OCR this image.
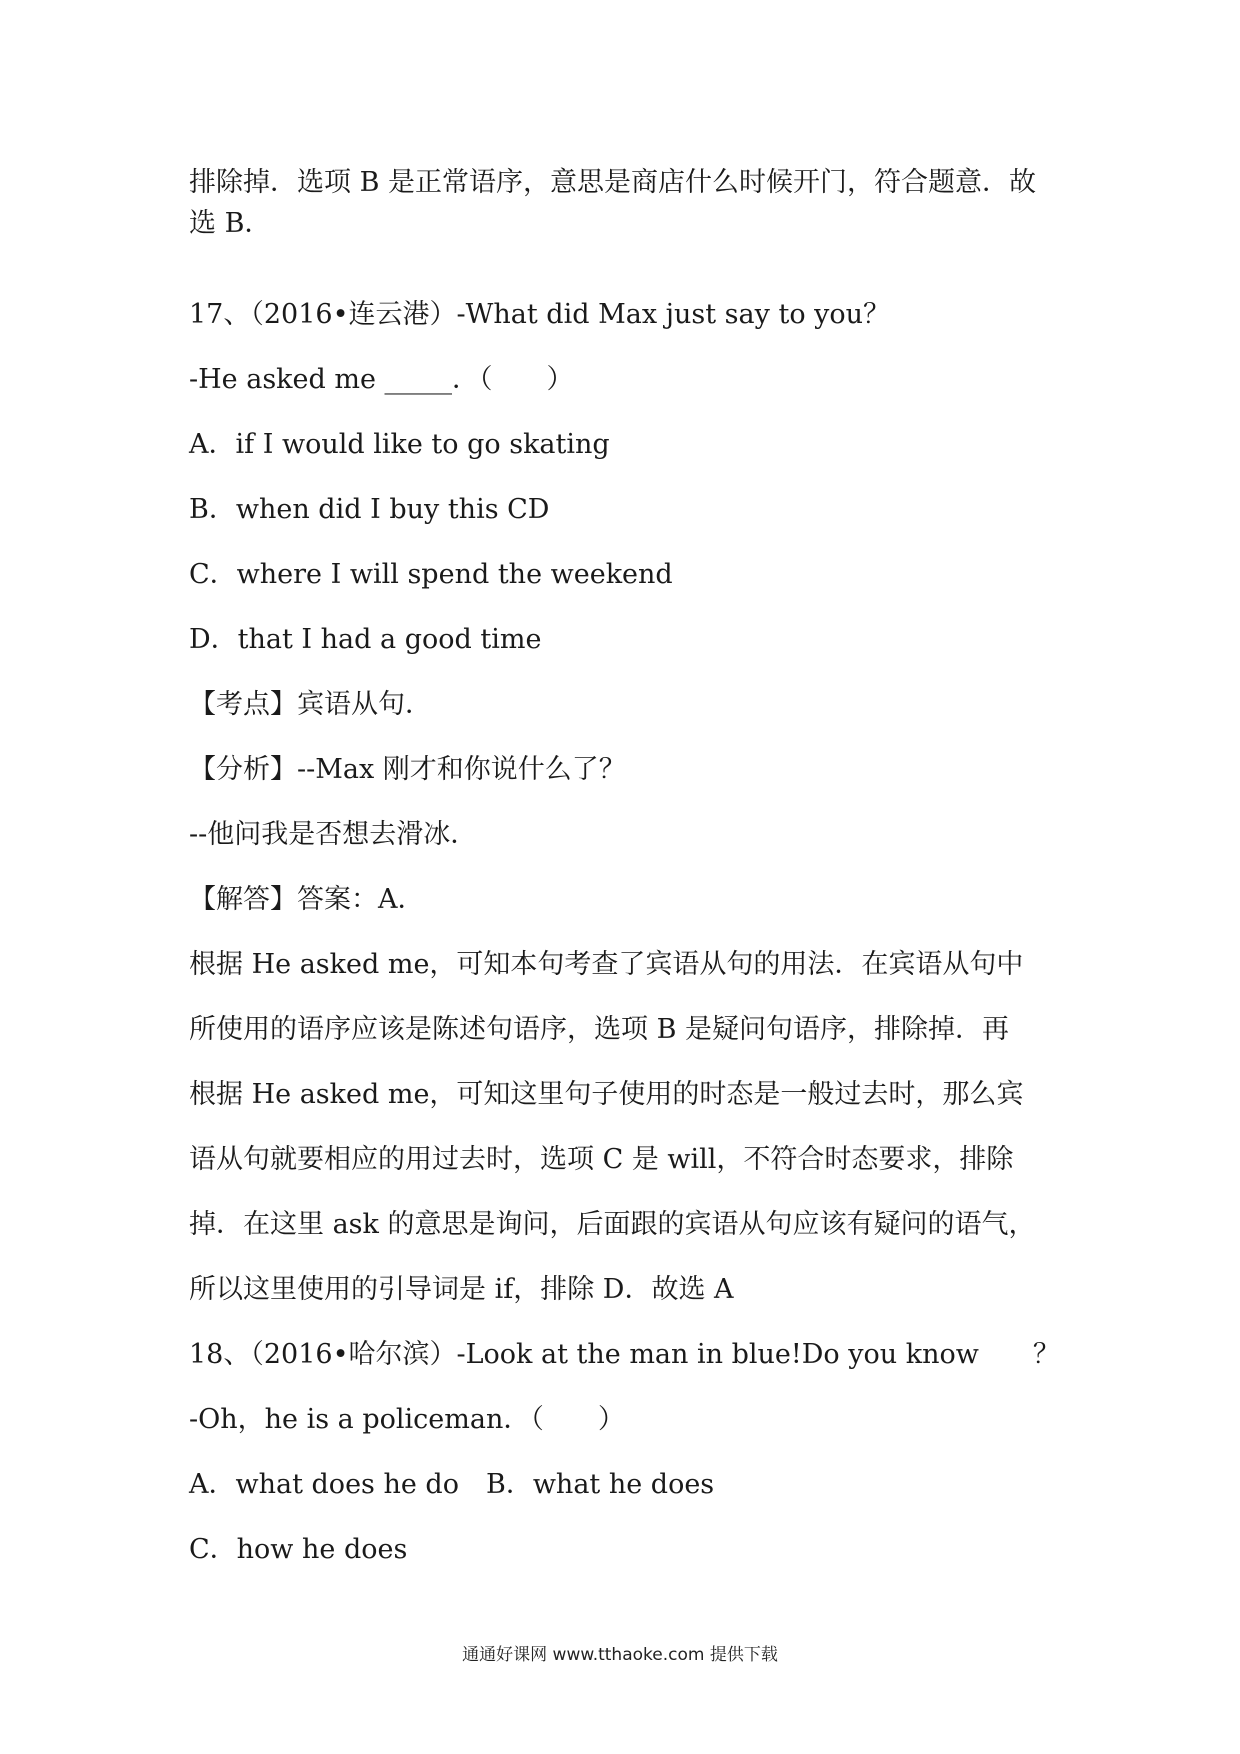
排除掉．选项 B 是正常语序，意思是商店什么时候开门，符合题意．故
选 B．
17、（2016•连云港）-What did Max just say to you？
-He asked me _____．（　　）
A．if I would like to go skating
B．when did I buy this CD
C．where I will spend the weekend
D．that I had a good time
【考点】宾语从句．
【分析】--Max 刚才和你说什么了？
--他问我是否想去滑冰．
【解答】答案：A．
根据 He asked me，可知本句考查了宾语从句的用法．在宾语从句中
所使用的语序应该是陈述句语序，选项 B 是疑问句语序，排除掉．再
根据 He asked me，可知这里句子使用的时态是一般过去时，那么宾
语从句就要相应的用过去时，选项 C 是 will，不符合时态要求，排除
掉．在这里 ask 的意思是询问，后面跟的宾语从句应该有疑问的语气，
所以这里使用的引导词是 if，排除 D．故选 A
18、（2016•哈尔滨）-Look at the man in blue!Do you know　　？
-Oh，he is a policeman．（　　）
A．what does he do　B．what he does
C．how he does
通通好课网 www.tthaoke.com 提供下载
